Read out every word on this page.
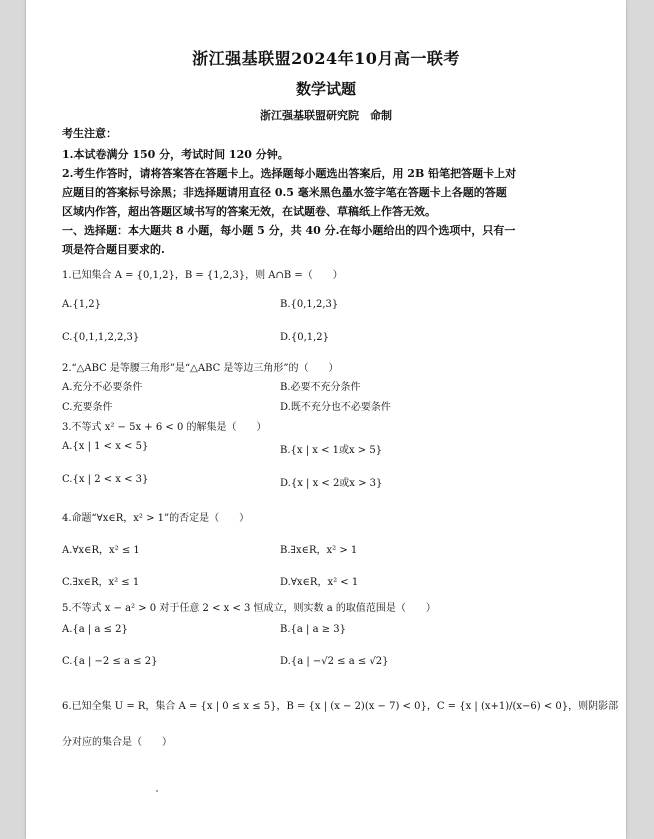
浙江强基联盟2024年10月高一联考
数学试题
浙江强基联盟研究院　命制
考生注意：
1.本试卷满分 150 分，考试时间 120 分钟。
2.考生作答时，请将答案答在答题卡上。选择题每小题选出答案后，用 2B 铅笔把答题卡上对
应题目的答案标号涂黑；非选择题请用直径 0.5 毫米黑色墨水签字笔在答题卡上各题的答题
区域内作答，超出答题区域书写的答案无效，在试题卷、草稿纸上作答无效。
一、选择题：本大题共 8 小题，每小题 5 分，共 40 分.在每小题给出的四个选项中，只有一
项是符合题目要求的.
1.已知集合 A = {0,1,2}，B = {1,2,3}，则 A∩B =（　　）
A.{1,2}	B.{0,1,2,3}
C.{0,1,1,2,2,3}	D.{0,1,2}
2.“△ABC 是等腰三角形”是“△ABC 是等边三角形”的（　　）
A.充分不必要条件	B.必要不充分条件
C.充要条件	D.既不充分也不必要条件
3.不等式 x² − 5x + 6 < 0 的解集是（　　）
A.{x | 1 < x < 5}	B.{x | x < 1或x > 5}
C.{x | 2 < x < 3}	D.{x | x < 2或x > 3}
4.命题“∀x∈R，x² > 1”的否定是（　　）
A.∀x∈R，x² ≤ 1	B.∃x∈R，x² > 1
C.∃x∈R，x² ≤ 1	D.∀x∈R，x² < 1
5.不等式 x − a² > 0 对于任意 2 < x < 3 恒成立，则实数 a 的取值范围是（　　）
A.{a | a ≤ 2}	B.{a | a ≥ 3}
C.{a | −2 ≤ a ≤ 2}	D.{a | −√2 ≤ a ≤ √2}
6.已知全集 U = R，集合 A = {x | 0 ≤ x ≤ 5}，B = {x | (x − 2)(x − 7) < 0}，C = {x | (x+1)/(x−6) < 0}，则阴影部
分对应的集合是（　　）
